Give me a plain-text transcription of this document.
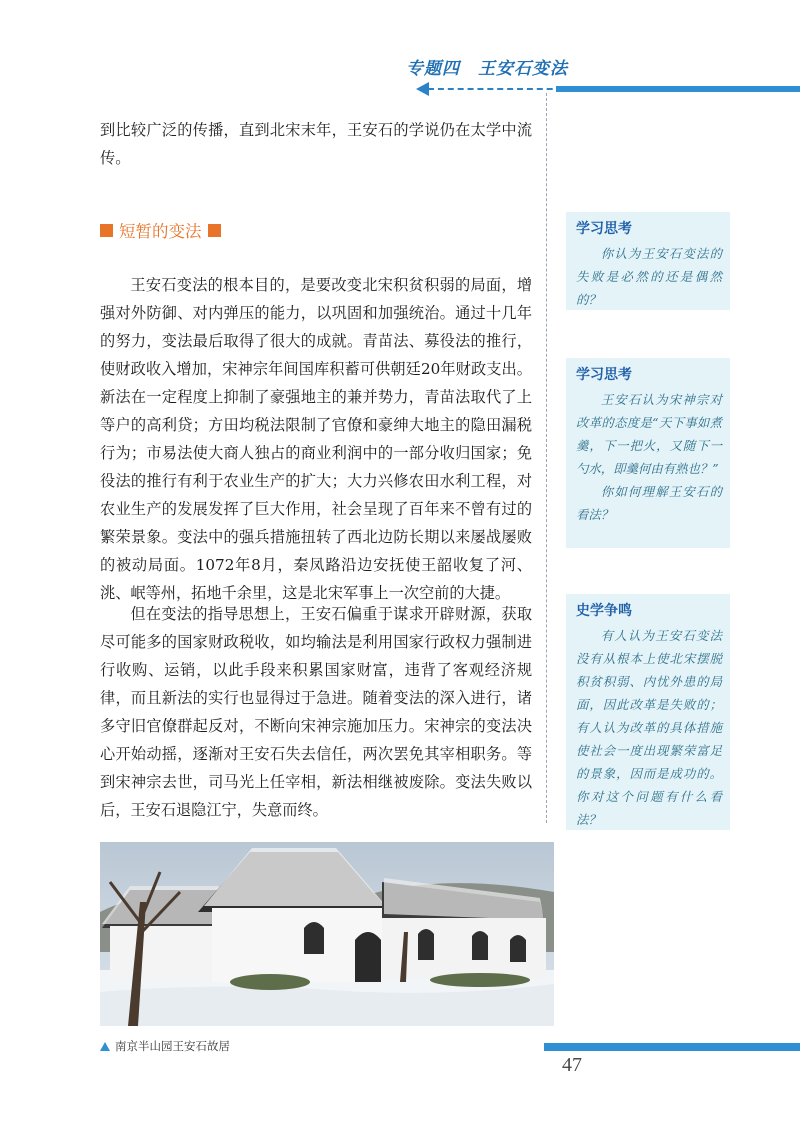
专题四　王安石变法

到比较广泛的传播，直到北宋末年，王安石的学说仍在太学中流传。

短暂的变法

王安石变法的根本目的，是要改变北宋积贫积弱的局面，增强对外防御、对内弹压的能力，以巩固和加强统治。通过十几年的努力，变法最后取得了很大的成就。青苗法、募役法的推行，使财政收入增加，宋神宗年间国库积蓄可供朝廷20年财政支出。新法在一定程度上抑制了豪强地主的兼并势力，青苗法取代了上等户的高利贷；方田均税法限制了官僚和豪绅大地主的隐田漏税行为；市易法使大商人独占的商业利润中的一部分收归国家；免役法的推行有利于农业生产的扩大；大力兴修农田水利工程，对农业生产的发展发挥了巨大作用，社会呈现了百年来不曾有过的繁荣景象。变法中的强兵措施扭转了西北边防长期以来屡战屡败的被动局面。1072年8月，秦凤路沿边安抚使王韶收复了河、洮、岷等州，拓地千余里，这是北宋军事上一次空前的大捷。

但在变法的指导思想上，王安石偏重于谋求开辟财源，获取尽可能多的国家财政税收，如均输法是利用国家行政权力强制进行收购、运销，以此手段来积累国家财富，违背了客观经济规律，而且新法的实行也显得过于急进。随着变法的深入进行，诸多守旧官僚群起反对，不断向宋神宗施加压力。宋神宗的变法决心开始动摇，逐渐对王安石失去信任，两次罢免其宰相职务。等到宋神宗去世，司马光上任宰相，新法相继被废除。变法失败以后，王安石退隐江宁，失意而终。

学习思考

你认为王安石变法的失败是必然的还是偶然的？

学习思考

王安石认为宋神宗对改革的态度是“天下事如煮羹，下一把火，又随下一勺水，即羹何由有熟也？”

你如何理解王安石的看法？

史学争鸣

有人认为王安石变法没有从根本上使北宋摆脱积贫积弱、内忧外患的局面，因此改革是失败的；有人认为改革的具体措施使社会一度出现繁荣富足的景象，因而是成功的。你对这个问题有什么看法？

南京半山园王安石故居
47
